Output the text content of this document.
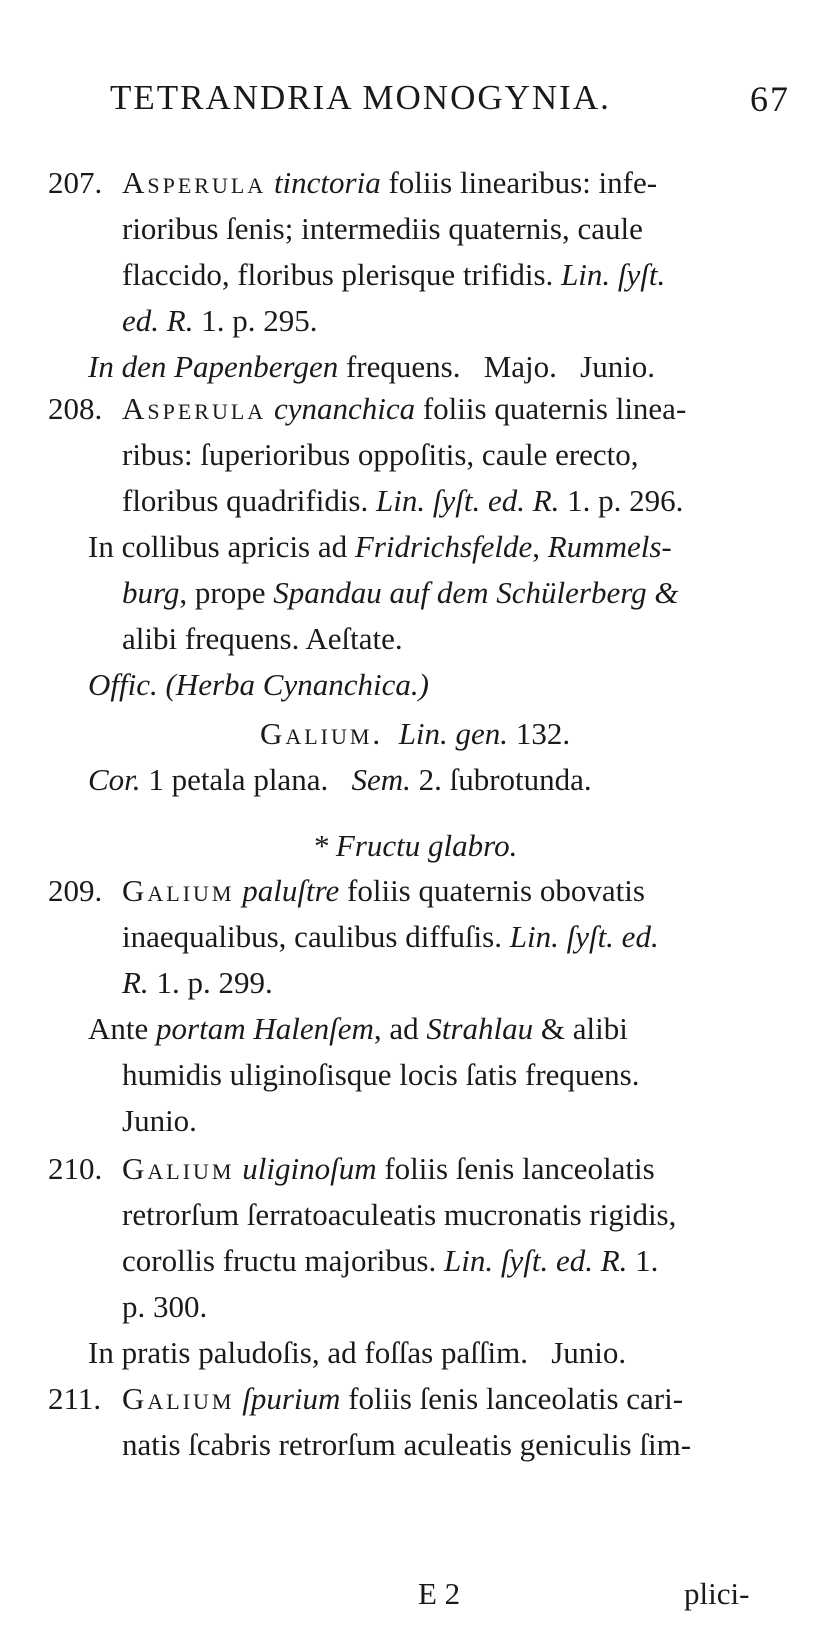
TETRANDRIA MONOGYNIA.	67
207. Asperula tinctoria foliis linearibus: infe-
rioribus ſenis; intermediis quaternis, caule
flaccido, floribus plerisque trifidis. Lin. ſyſt.
ed. R. 1. p. 295.
In den Papenbergen frequens.   Majo.   Junio.
208. Asperula cynanchica foliis quaternis linea-
ribus: ſuperioribus oppoſitis, caule erecto,
floribus quadrifidis. Lin. ſyſt. ed. R. 1. p. 296.
In collibus apricis ad Fridrichsfelde, Rummels-
burg, prope Spandau auf dem Schülerberg &
alibi frequens. Aeſtate.
Offic. (Herba Cynanchica.)
Galium. Lin. gen. 132.
Cor. 1 petala plana. Sem. 2. ſubrotunda.
* Fructu glabro.
209. Galium paluſtre foliis quaternis obovatis
inaequalibus, caulibus diffuſis. Lin. ſyſt. ed.
R. 1. p. 299.
Ante portam Halenſem, ad Strahlau & alibi
humidis uliginoſisque locis ſatis frequens.
Junio.
210. Galium uliginoſum foliis ſenis lanceolatis
retrorſum ſerratoaculeatis mucronatis rigidis,
corollis fructu majoribus. Lin. ſyſt. ed. R. 1.
p. 300.
In pratis paludoſis, ad foſſas paſſim.   Junio.
211. Galium ſpurium foliis ſenis lanceolatis cari-
natis ſcabris retrorſum aculeatis geniculis ſim-
E 2	plici-
